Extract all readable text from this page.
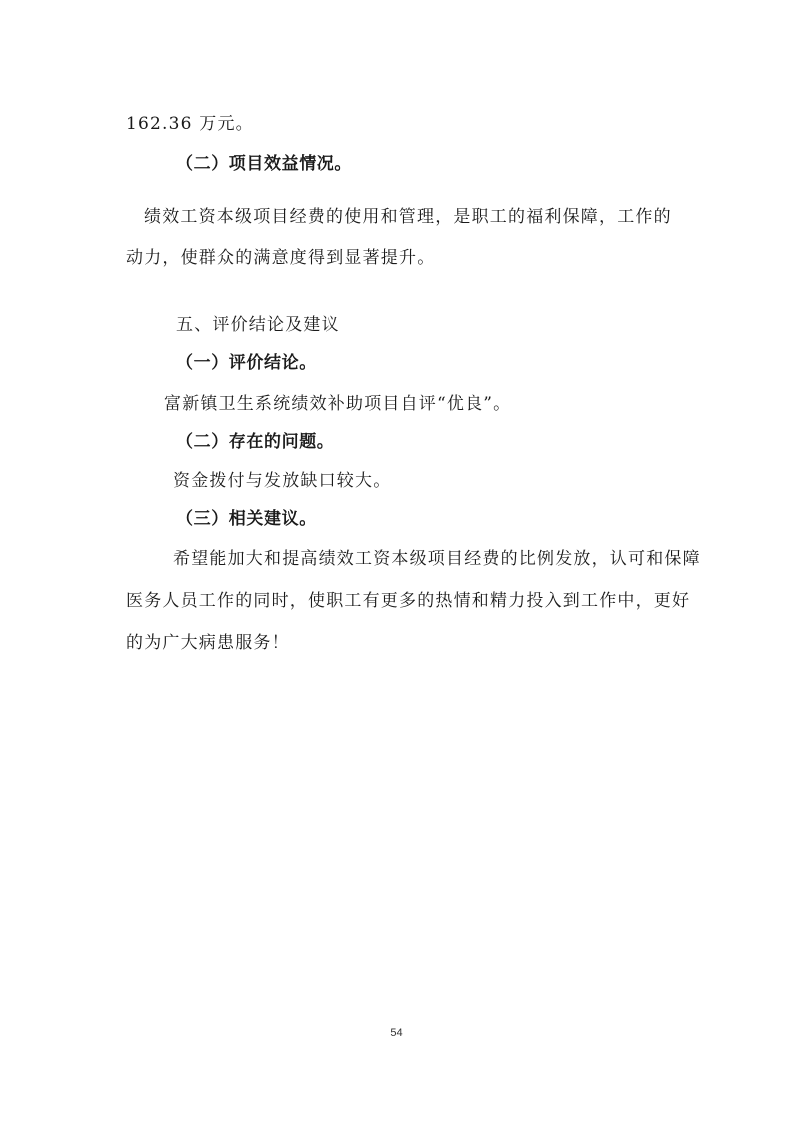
162.36 万元。
（二）项目效益情况。
绩效工资本级项目经费的使用和管理，是职工的福利保障，工作的
动力，使群众的满意度得到显著提升。
五、评价结论及建议
（一）评价结论。
富新镇卫生系统绩效补助项目自评“优良”。
（二）存在的问题。
资金拨付与发放缺口较大。
（三）相关建议。
希望能加大和提高绩效工资本级项目经费的比例发放，认可和保障
医务人员工作的同时，使职工有更多的热情和精力投入到工作中，更好
的为广大病患服务！
54
